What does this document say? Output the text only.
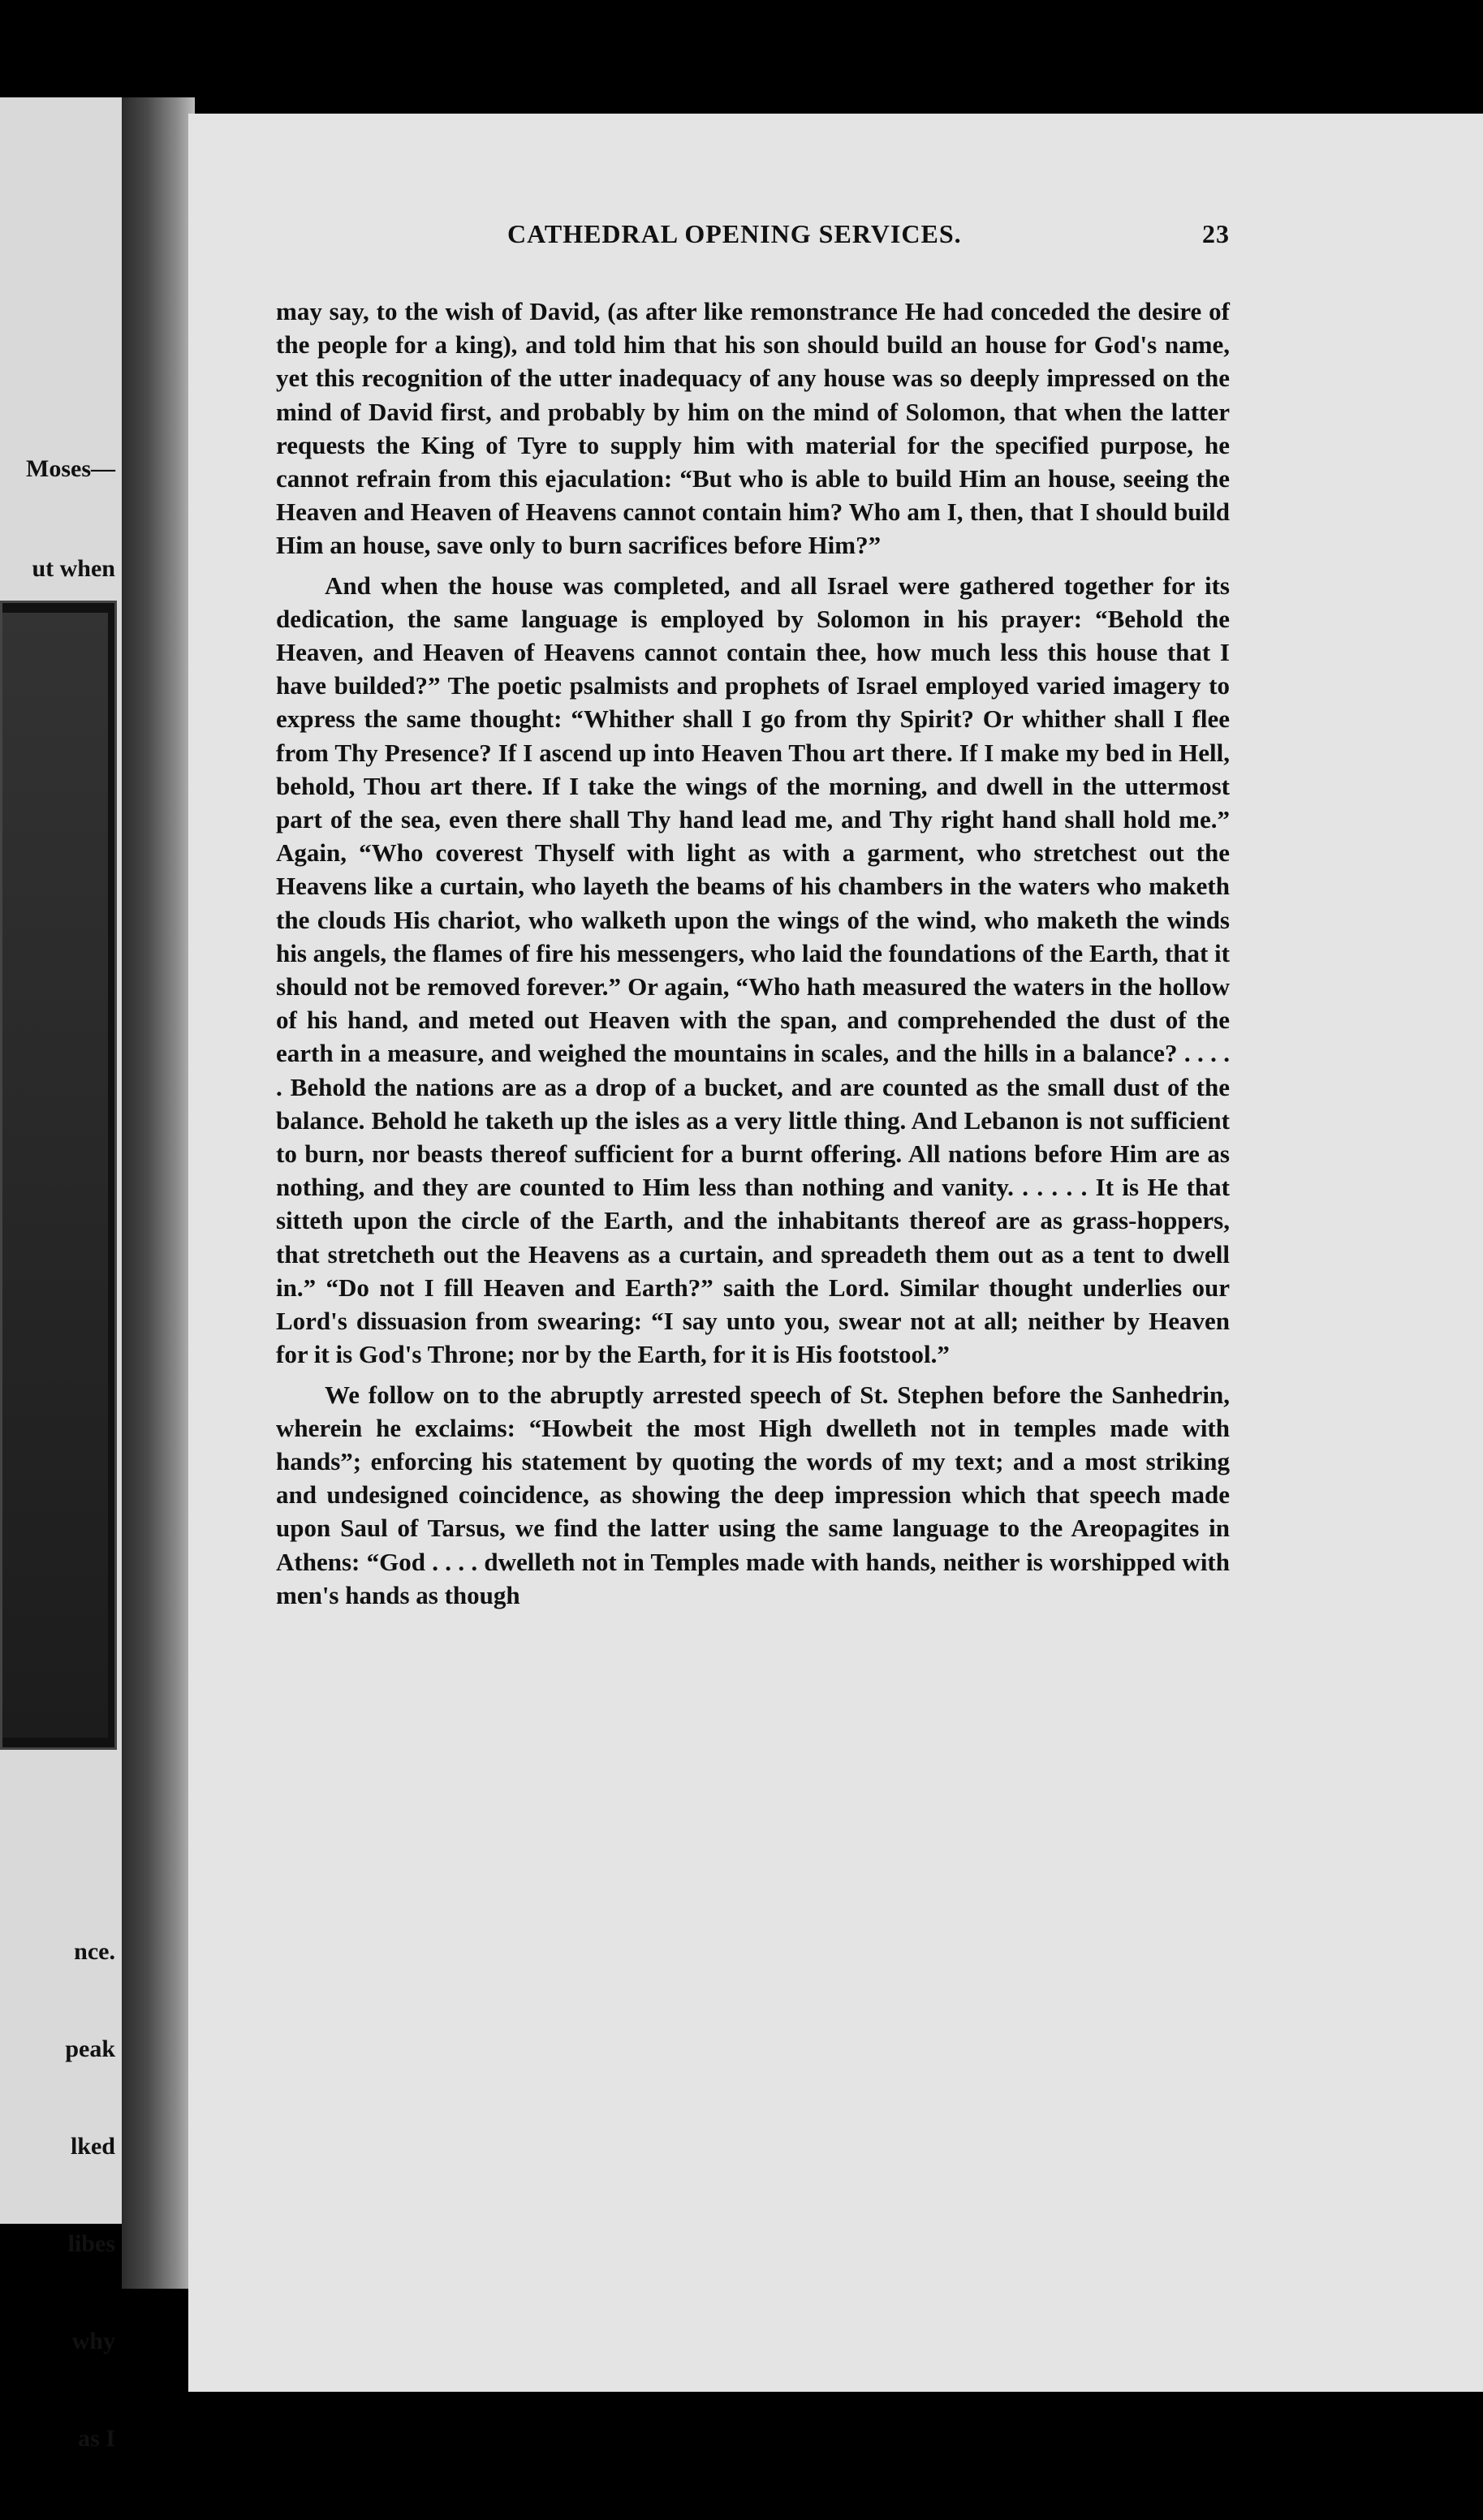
Moses—

ut when

nce.

peak

lked

libes

why

as I

CATHEDRAL OPENING SERVICES.	23

may say, to the wish of David, (as after like remonstrance He had conceded the desire of the people for a king), and told him that his son should build an house for God's name, yet this recognition of the utter inadequacy of any house was so deeply impressed on the mind of David first, and probably by him on the mind of Solomon, that when the latter requests the King of Tyre to supply him with material for the specified purpose, he cannot refrain from this ejaculation: “But who is able to build Him an house, seeing the Heaven and Heaven of Heavens cannot contain him? Who am I, then, that I should build Him an house, save only to burn sacrifices before Him?”

And when the house was completed, and all Israel were gathered together for its dedication, the same language is employed by Solomon in his prayer: “Behold the Heaven, and Heaven of Heavens cannot contain thee, how much less this house that I have builded?” The poetic psalmists and prophets of Israel employed varied imagery to express the same thought: “Whither shall I go from thy Spirit? Or whither shall I flee from Thy Presence? If I ascend up into Heaven Thou art there. If I make my bed in Hell, behold, Thou art there. If I take the wings of the morning, and dwell in the uttermost part of the sea, even there shall Thy hand lead me, and Thy right hand shall hold me.” Again, “Who coverest Thyself with light as with a garment, who stretchest out the Heavens like a curtain, who layeth the beams of his chambers in the waters who maketh the clouds His chariot, who walketh upon the wings of the wind, who maketh the winds his angels, the flames of fire his messengers, who laid the foundations of the Earth, that it should not be removed forever.” Or again, “Who hath measured the waters in the hollow of his hand, and meted out Heaven with the span, and comprehended the dust of the earth in a measure, and weighed the mountains in scales, and the hills in a balance? . . . . . Behold the nations are as a drop of a bucket, and are counted as the small dust of the balance. Behold he taketh up the isles as a very little thing. And Lebanon is not sufficient to burn, nor beasts thereof sufficient for a burnt offering. All nations before Him are as nothing, and they are counted to Him less than nothing and vanity. . . . . . It is He that sitteth upon the circle of the Earth, and the inhabitants thereof are as grass-hoppers, that stretcheth out the Heavens as a curtain, and spreadeth them out as a tent to dwell in.” “Do not I fill Heaven and Earth?” saith the Lord. Similar thought underlies our Lord's dissuasion from swearing: “I say unto you, swear not at all; neither by Heaven for it is God's Throne; nor by the Earth, for it is His footstool.”

We follow on to the abruptly arrested speech of St. Stephen before the Sanhedrin, wherein he exclaims: “Howbeit the most High dwelleth not in temples made with hands”; enforcing his statement by quoting the words of my text; and a most striking and undesigned coincidence, as showing the deep impression which that speech made upon Saul of Tarsus, we find the latter using the same language to the Areopagites in Athens: “God . . . . dwelleth not in Temples made with hands, neither is worshipped with men's hands as though
